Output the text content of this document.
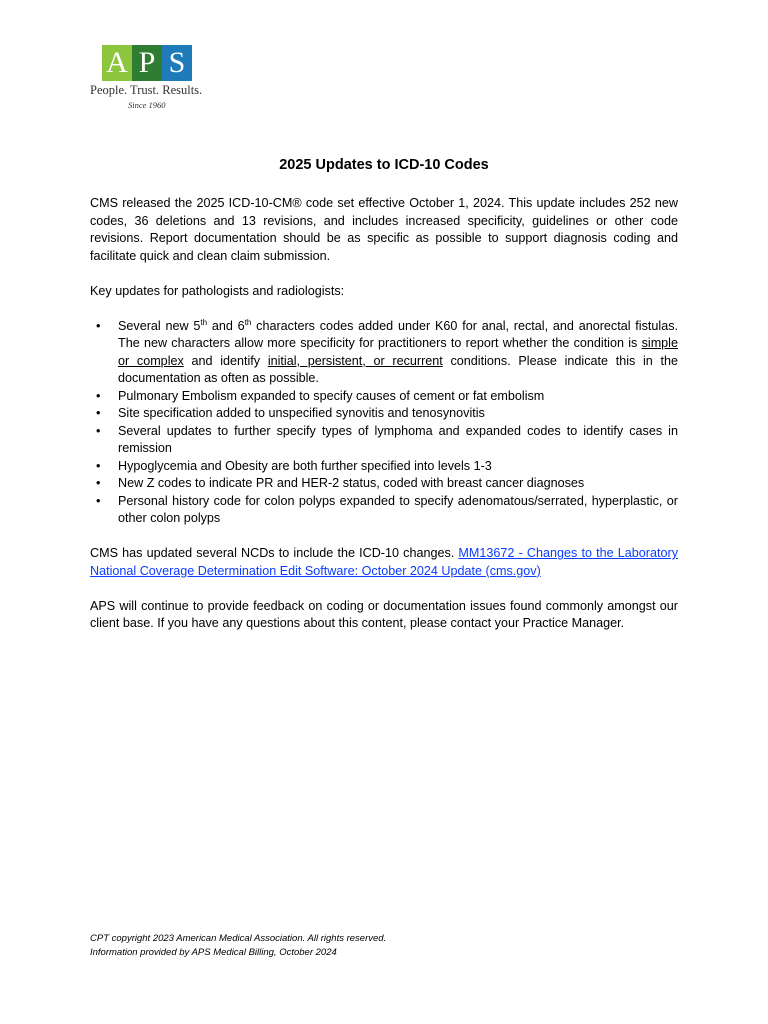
A P S
People. Trust. Results.
Since 1960
2025 Updates to ICD-10 Codes

CMS released the 2025 ICD-10-CM® code set effective October 1, 2024. This update includes 252 new codes, 36 deletions and 13 revisions, and includes increased specificity, guidelines or other code revisions. Report documentation should be as specific as possible to support diagnosis coding and facilitate quick and clean claim submission.

Key updates for pathologists and radiologists:

• Several new 5th and 6th characters codes added under K60 for anal, rectal, and anorectal fistulas. The new characters allow more specificity for practitioners to report whether the condition is simple or complex and identify initial, persistent, or recurrent conditions. Please indicate this in the documentation as often as possible.
• Pulmonary Embolism expanded to specify causes of cement or fat embolism
• Site specification added to unspecified synovitis and tenosynovitis
• Several updates to further specify types of lymphoma and expanded codes to identify cases in remission
• Hypoglycemia and Obesity are both further specified into levels 1-3
• New Z codes to indicate PR and HER-2 status, coded with breast cancer diagnoses
• Personal history code for colon polyps expanded to specify adenomatous/serrated, hyperplastic, or other colon polyps

CMS has updated several NCDs to include the ICD-10 changes. MM13672 - Changes to the Laboratory National Coverage Determination Edit Software: October 2024 Update (cms.gov)

APS will continue to provide feedback on coding or documentation issues found commonly amongst our client base. If you have any questions about this content, please contact your Practice Manager.

CPT copyright 2023 American Medical Association. All rights reserved.
Information provided by APS Medical Billing, October 2024
